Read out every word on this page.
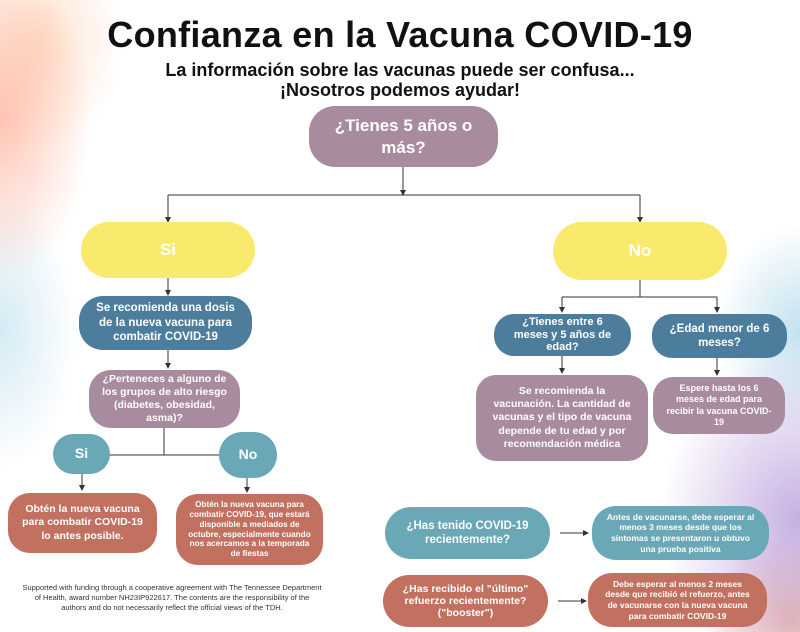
Confianza en la Vacuna COVID-19
La información sobre las vacunas puede ser confusa...
¡Nosotros podemos ayudar!
¿Tienes 5 años o más?
Si	No
Se recomienda una dosis de la nueva vacuna para combatir COVID-19
¿Perteneces a alguno de los grupos de alto riesgo (diabetes, obesidad, asma)?
Si	No
Obtén la nueva vacuna para combatir COVID-19 lo antes posible.
Obtén la nueva vacuna para combatir COVID-19, que estará disponible a mediados de octubre, especialmente cuando nos acercamos a la temporada de fiestas
¿Tienes entre 6 meses y 5 años de edad?
¿Edad menor de 6 meses?
Se recomienda la vacunación. La cantidad de vacunas y el tipo de vacuna depende de tu edad y por recomendación médica
Espere hasta los 6 meses de edad para recibir la vacuna COVID-19
¿Has tenido COVID-19 recientemente?
Antes de vacunarse, debe esperar al menos 3 meses desde que los síntomas se presentaron u obtuvo una prueba positiva
¿Has recibido el "último" refuerzo recientemente? ("booster")
Debe esperar al menos 2 meses desde que recibió el refuerzo, antes de vacunarse con la nueva vacuna para combatir COVID-19
Supported with funding through a cooperative agreement with The Tennessee Department of Health, award number NH23IP922617. The contents are the responsibility of the authors and do not necessarily reflect the official views of the TDH.
